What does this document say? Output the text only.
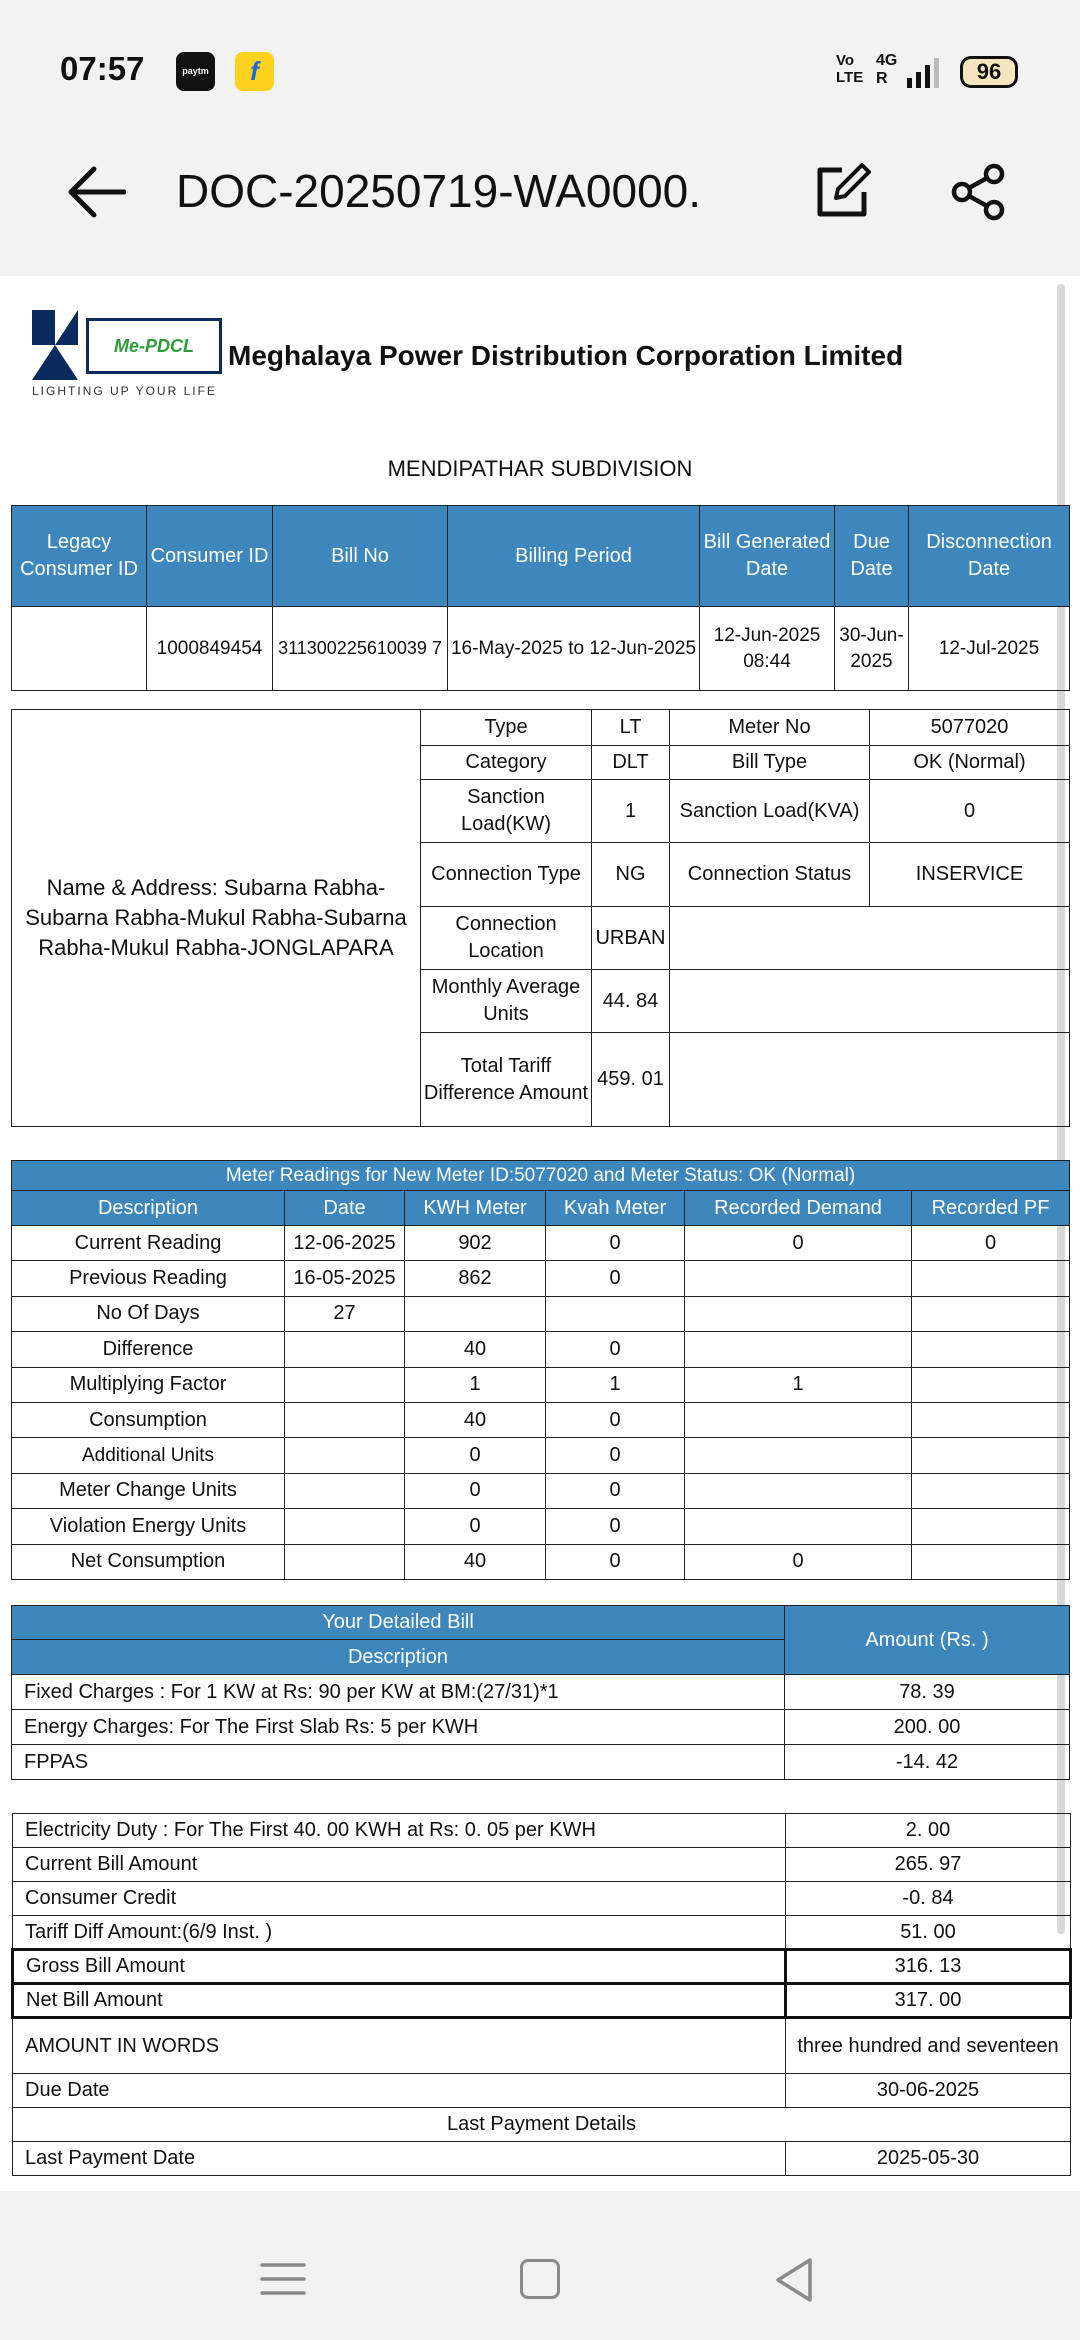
07:57	paytm	f	Vo LTE
4G R	96
DOC-20250719-WA0000.
Me-PDCL
LIGHTING UP YOUR LIFE
Meghalaya Power Distribution Corporation Limited
MENDIPATHAR SUBDIVISION
Legacy Consumer ID	Consumer ID	Bill No	Billing Period	Bill Generated Date	Due Date	Disconnection Date
	1000849454	311300225610039 7	16-May-2025 to 12-Jun-2025	12-Jun-2025 08:44	30-Jun-2025	12-Jul-2025
Name & Address: Subarna Rabha-Subarna Rabha-Mukul Rabha-Subarna Rabha-Mukul Rabha-JONGLAPARA	Type	LT	Meter No	5077020
	Category	DLT	Bill Type	OK (Normal)
	Sanction Load(KW)	1	Sanction Load(KVA)	0
	Connection Type	NG	Connection Status	INSERVICE
	Connection Location	URBAN		
	Monthly Average Units	44. 84		
	Total Tariff Difference Amount	459. 01		
Meter Readings for New Meter ID:5077020 and Meter Status: OK (Normal)					
Description	Date	KWH Meter	Kvah Meter	Recorded Demand	Recorded PF
Current Reading	12-06-2025	902	0	0	0
Previous Reading	16-05-2025	862	0		
No Of Days	27				
Difference		40	0		
Multiplying Factor		1	1	1	
Consumption		40	0		
Additional Units		0	0		
Meter Change Units		0	0		
Violation Energy Units		0	0		
Net Consumption		40	0	0	
Your Detailed Bill	Amount (Rs. )
Description	
Fixed Charges : For 1 KW at Rs: 90 per KW at BM:(27/31)*1	78. 39
Energy Charges: For The First Slab Rs: 5 per KWH	200. 00
FPPAS	-14. 42
Electricity Duty : For The First 40. 00 KWH at Rs: 0. 05 per KWH	2. 00
Current Bill Amount	265. 97
Consumer Credit	-0. 84
Tariff Diff Amount:(6/9 Inst. )	51. 00
Gross Bill Amount	316. 13
Net Bill Amount	317. 00
AMOUNT IN WORDS	three hundred and seventeen
Due Date	30-06-2025
Last Payment Details	
Last Payment Date	2025-05-30
